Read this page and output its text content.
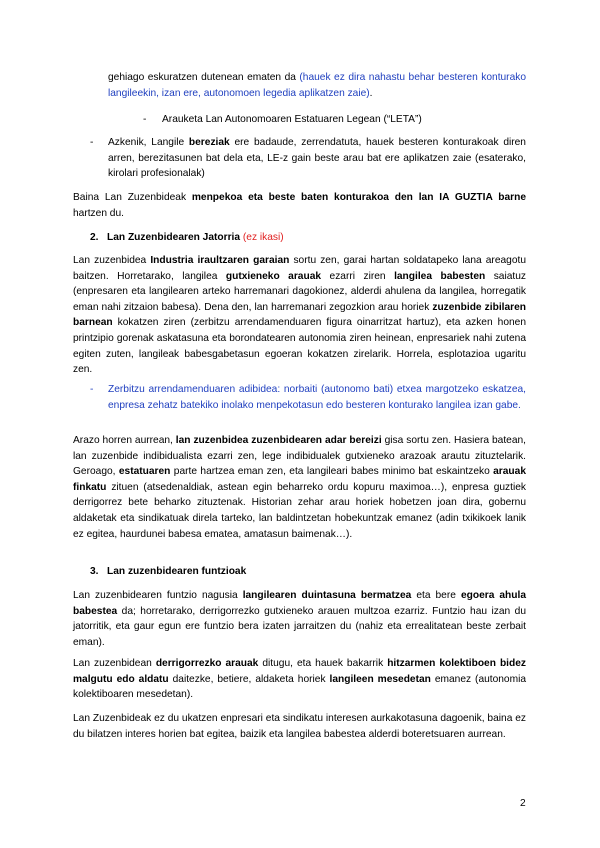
gehiago eskuratzen dutenean ematen da (hauek ez dira nahastu behar besteren konturako langileekin, izan ere, autonomoen legedia aplikatzen zaie).
- Arauketa Lan Autonomoaren Estatuaren Legean (“LETA”)
- Azkenik, Langile bereziak ere badaude, zerrendatuta, hauek besteren konturakoak diren arren, berezitasunen bat dela eta, LE-z gain beste arau bat ere aplikatzen zaie (esaterako, kirolari profesionalak)
Baina Lan Zuzenbideak menpekoa eta beste baten konturakoa den lan IA GUZTIA barne hartzen du.
2. Lan Zuzenbidearen Jatorria (ez ikasi)
Lan zuzenbidea Industria iraultzaren garaian sortu zen, garai hartan soldatapeko lana areagotu baitzen. Horretarako, langilea gutxieneko arauak ezarri ziren langilea babesten saiatuz (enpresaren eta langilearen arteko harremanari dagokionez, alderdi ahulena da langilea, horregatik eman nahi zitzaion babesa). Dena den, lan harremanari zegozkion arau horiek zuzenbide zibilaren barnean kokatzen ziren (zerbitzu arrendamenduaren figura oinarritzat hartuz), eta azken honen printzipio gorenak askatasuna eta borondatearen autonomia ziren heinean, enpresariek nahi zutena egiten zuten, langileak babesgabetasun egoeran kokatzen zirelarik. Horrela, esplotazioa ugaritu zen.
- Zerbitzu arrendamenduaren adibidea: norbaiti (autonomo bati) etxea margotzeko eskatzea, enpresa zehatz batekiko inolako menpekotasun edo besteren konturako langilea izan gabe.
Arazo horren aurrean, lan zuzenbidea zuzenbidearen adar bereizi gisa sortu zen. Hasiera batean, lan zuzenbide indibidualista ezarri zen, lege indibidualek gutxieneko arazoak arautu zituztelarik. Geroago, estatuaren parte hartzea eman zen, eta langileari babes minimo bat eskaintzeko arauak finkatu zituen (atsedenaldiak, astean egin beharreko ordu kopuru maximoa…), enpresa guztiek derrigorrez bete beharko zituztenak. Historian zehar arau horiek hobetzen joan dira, gobernu aldaketak eta sindikatuak direla tarteko, lan baldintzetan hobekuntzak emanez (adin txikikoek lanik ez egitea, haurdunei babesa ematea, amatasun baimenak…).
3. Lan zuzenbidearen funtzioak
Lan zuzenbidearen funtzio nagusia langilearen duintasuna bermatzea eta bere egoera ahula babestea da; horretarako, derrigorrezko gutxieneko arauen multzoa ezarriz. Funtzio hau izan du jatorritik, eta gaur egun ere funtzio bera izaten jarraitzen du (nahiz eta errealitatean beste zerbait eman).
Lan zuzenbidean derrigorrezko arauak ditugu, eta hauek bakarrik hitzarmen kolektiboen bidez malgutu edo aldatu daitezke, betiere, aldaketa horiek langileen mesedetan emanez (autonomia kolektiboaren mesedetan).
Lan Zuzenbideak ez du ukatzen enpresari eta sindikatu interesen aurkakotasuna dagoenik, baina ez du bilatzen interes horien bat egitea, baizik eta langilea babestea alderdi boteretsuaren aurrean.
2
